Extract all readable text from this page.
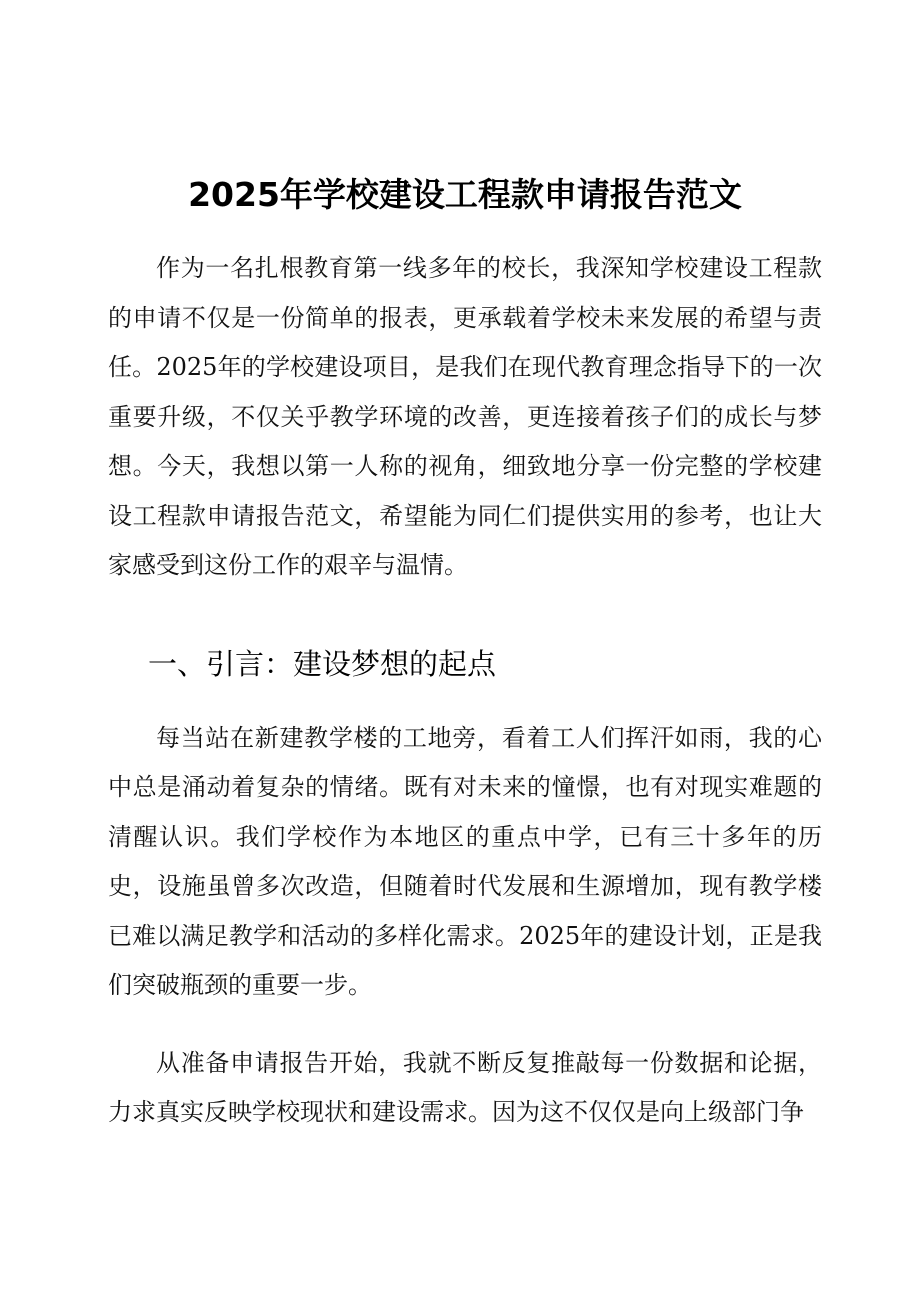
2025年学校建设工程款申请报告范文

作为一名扎根教育第一线多年的校长，我深知学校建设工程款的申请不仅是一份简单的报表，更承载着学校未来发展的希望与责任。2025年的学校建设项目，是我们在现代教育理念指导下的一次重要升级，不仅关乎教学环境的改善，更连接着孩子们的成长与梦想。今天，我想以第一人称的视角，细致地分享一份完整的学校建设工程款申请报告范文，希望能为同仁们提供实用的参考，也让大家感受到这份工作的艰辛与温情。

一、引言：建设梦想的起点

每当站在新建教学楼的工地旁，看着工人们挥汗如雨，我的心中总是涌动着复杂的情绪。既有对未来的憧憬，也有对现实难题的清醒认识。我们学校作为本地区的重点中学，已有三十多年的历史，设施虽曾多次改造，但随着时代发展和生源增加，现有教学楼已难以满足教学和活动的多样化需求。2025年的建设计划，正是我们突破瓶颈的重要一步。

从准备申请报告开始，我就不断反复推敲每一份数据和论据，力求真实反映学校现状和建设需求。因为这不仅仅是向上级部门争
